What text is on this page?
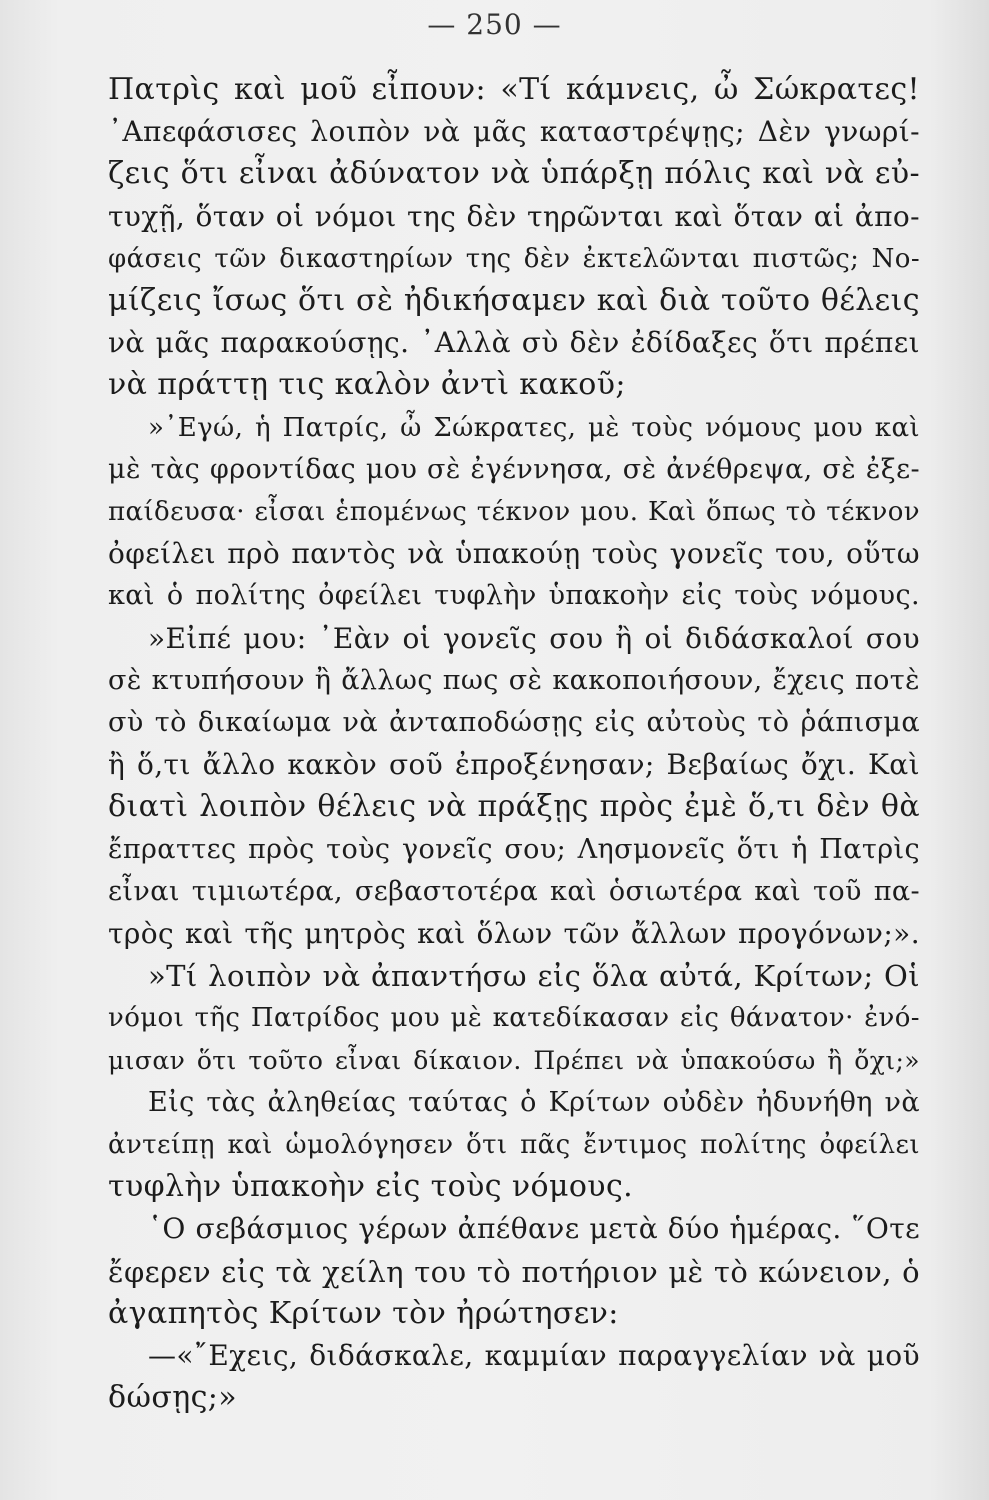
— 250 —
Πατρὶς καὶ μοῦ εἶπουν: «Τί κάμνεις, ὦ Σώκρατες!
᾿Απεφάσισες λοιπὸν νὰ μᾶς καταστρέψῃς; Δὲν γνωρί-
ζεις ὅτι εἶναι ἀδύνατον νὰ ὑπάρξῃ πόλις καὶ νὰ εὐ-
τυχῇ, ὅταν οἱ νόμοι της δὲν τηρῶνται καὶ ὅταν αἱ ἀπο-
φάσεις τῶν δικαστηρίων της δὲν ἐκτελῶνται πιστῶς; Νο-
μίζεις ἴσως ὅτι σὲ ἠδικήσαμεν καὶ διὰ τοῦτο θέλεις
νὰ μᾶς παρακούσῃς. ᾿Αλλὰ σὺ δὲν ἐδίδαξες ὅτι πρέπει
νὰ πράττῃ τις καλὸν ἀντὶ κακοῦ;
»᾿Εγώ, ἡ Πατρίς, ὦ Σώκρατες, μὲ τοὺς νόμους μου καὶ
μὲ τὰς φροντίδας μου σὲ ἐγέννησα, σὲ ἀνέθρεψα, σὲ ἐξε-
παίδευσα· εἶσαι ἑπομένως τέκνον μου. Καὶ ὅπως τὸ τέκνον
ὀφείλει πρὸ παντὸς νὰ ὑπακούῃ τοὺς γονεῖς του, οὕτω
καὶ ὁ πολίτης ὀφείλει τυφλὴν ὑπακοὴν εἰς τοὺς νόμους.
»Εἰπέ μου: ᾿Εὰν οἱ γονεῖς σου ἢ οἱ διδάσκαλοί σου
σὲ κτυπήσουν ἢ ἄλλως πως σὲ κακοποιήσουν, ἔχεις ποτὲ
σὺ τὸ δικαίωμα νὰ ἀνταποδώσῃς εἰς αὐτοὺς τὸ ῥάπισμα
ἢ ὅ,τι ἄλλο κακὸν σοῦ ἐπροξένησαν; Βεβαίως ὄχι. Καὶ
διατὶ λοιπὸν θέλεις νὰ πράξῃς πρὸς ἐμὲ ὅ,τι δὲν θὰ
ἔπραττες πρὸς τοὺς γονεῖς σου; Λησμονεῖς ὅτι ἡ Πατρὶς
εἶναι τιμιωτέρα, σεβαστοτέρα καὶ ὁσιωτέρα καὶ τοῦ πα-
τρὸς καὶ τῆς μητρὸς καὶ ὅλων τῶν ἄλλων προγόνων;».
»Τί λοιπὸν νὰ ἀπαντήσω εἰς ὅλα αὐτά, Κρίτων; Οἱ
νόμοι τῆς Πατρίδος μου μὲ κατεδίκασαν εἰς θάνατον· ἐνό-
μισαν ὅτι τοῦτο εἶναι δίκαιον. Πρέπει νὰ ὑπακούσω ἢ ὄχι;»
Εἰς τὰς ἀληθείας ταύτας ὁ Κρίτων οὐδὲν ἠδυνήθη νὰ
ἀντείπῃ καὶ ὡμολόγησεν ὅτι πᾶς ἔντιμος πολίτης ὀφείλει
τυφλὴν ὑπακοὴν εἰς τοὺς νόμους.
῾Ο σεβάσμιος γέρων ἀπέθανε μετὰ δύο ἡμέρας. ῞Οτε
ἔφερεν εἰς τὰ χείλη του τὸ ποτήριον μὲ τὸ κώνειον, ὁ
ἀγαπητὸς Κρίτων τὸν ἠρώτησεν:
—«῎Εχεις, διδάσκαλε, καμμίαν παραγγελίαν νὰ μοῦ
δώσῃς;»
